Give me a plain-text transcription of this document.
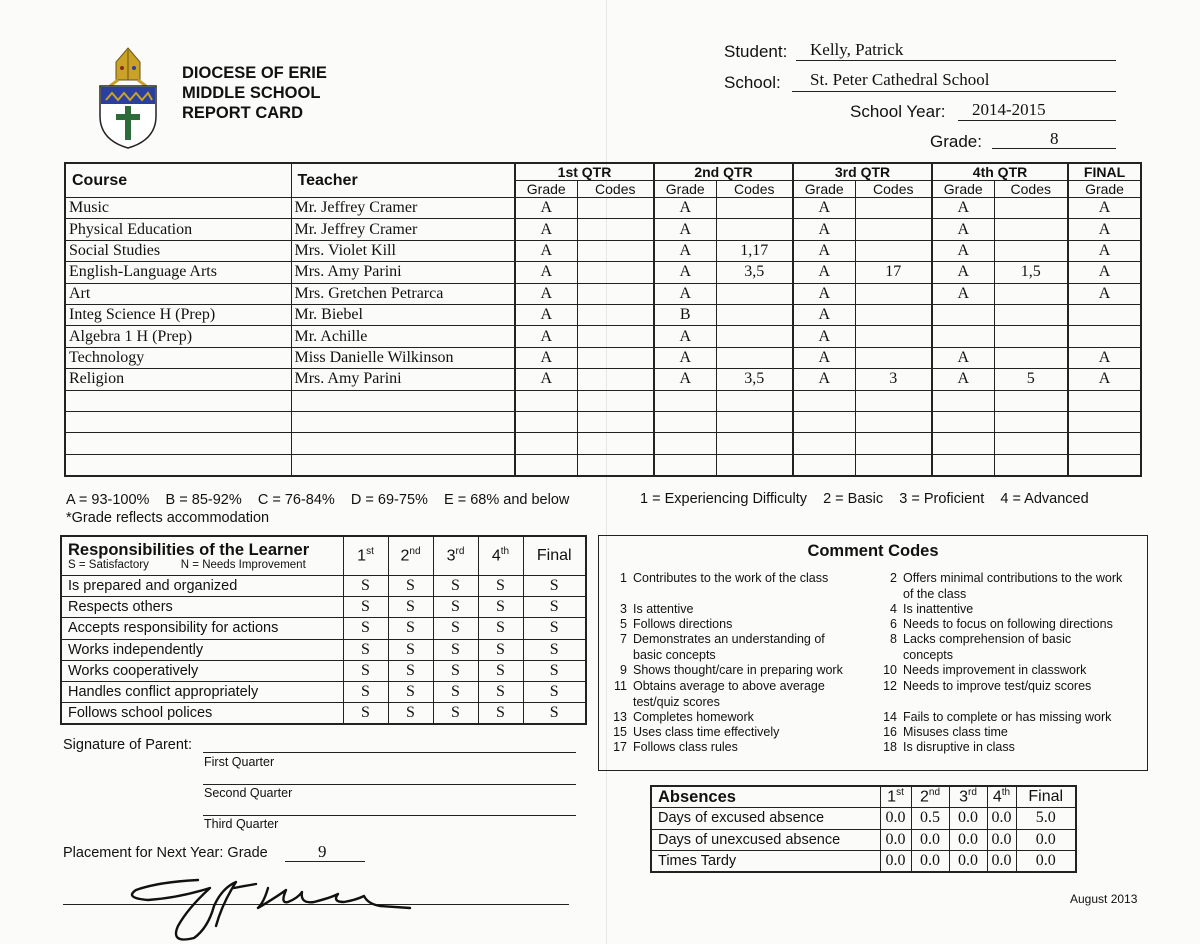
DIOCESE OF ERIE
MIDDLE SCHOOL
REPORT CARD
Student: Kelly, Patrick
School: St. Peter Cathedral School
School Year: 2014-2015
Grade:	8
Course	Teacher	1st QTR		2nd QTR		3rd QTR		4th QTR		FINAL
		Grade	Codes	Grade	Codes	Grade	Codes	Grade	Codes	Grade
Music	Mr. Jeffrey Cramer	A		A		A		A		A
Physical Education	Mr. Jeffrey Cramer	A		A		A		A		A
Social Studies	Mrs. Violet Kill	A		A	1,17	A		A		A
English-Language Arts	Mrs. Amy Parini	A		A	3,5	A	17	A	1,5	A
Art	Mrs. Gretchen Petrarca	A		A		A		A		A
Integ Science H (Prep)	Mr. Biebel	A		B		A				
Algebra 1 H (Prep)	Mr. Achille	A		A		A				
Technology	Miss Danielle Wilkinson	A		A		A		A		A
Religion	Mrs. Amy Parini	A		A	3,5	A	3	A	5	A

A = 93-100%    B = 85-92%    C = 76-84%    D = 69-75%    E = 68% and below
*Grade reflects accommodation
1 = Experiencing Difficulty    2 = Basic    3 = Proficient    4 = Advanced
Responsibilities of the Learner
S = Satisfactory          N = Needs Improvement	1st	2nd	3rd	4th	Final
Is prepared and organized	S	S	S	S	S
Respects others	S	S	S	S	S
Accepts responsibility for actions	S	S	S	S	S
Works independently	S	S	S	S	S
Works cooperatively	S	S	S	S	S
Handles conflict appropriately	S	S	S	S	S
Follows school polices	S	S	S	S	S
Comment Codes
1 Contributes to the work of the class
3 Is attentive
5 Follows directions
7 Demonstrates an understanding of
basic concepts
9 Shows thought/care in preparing work
11 Obtains average to above average
test/quiz scores
13 Completes homework
15 Uses class time effectively
17 Follows class rules
2 Offers minimal contributions to the work
of the class
4 Is inattentive
6 Needs to focus on following directions
8 Lacks comprehension of basic
concepts
10 Needs improvement in classwork
12 Needs to improve test/quiz scores
14 Fails to complete or has missing work
16 Misuses class time
18 Is disruptive in class
Signature of Parent:
First Quarter
Second Quarter
Third Quarter
Placement for Next Year: Grade	9
Absences	1st	2nd	3rd	4th	Final
Days of excused absence	0.0	0.5	0.0	0.0	5.0
Days of unexcused absence	0.0	0.0	0.0	0.0	0.0
Times Tardy	0.0	0.0	0.0	0.0	0.0
August 2013
